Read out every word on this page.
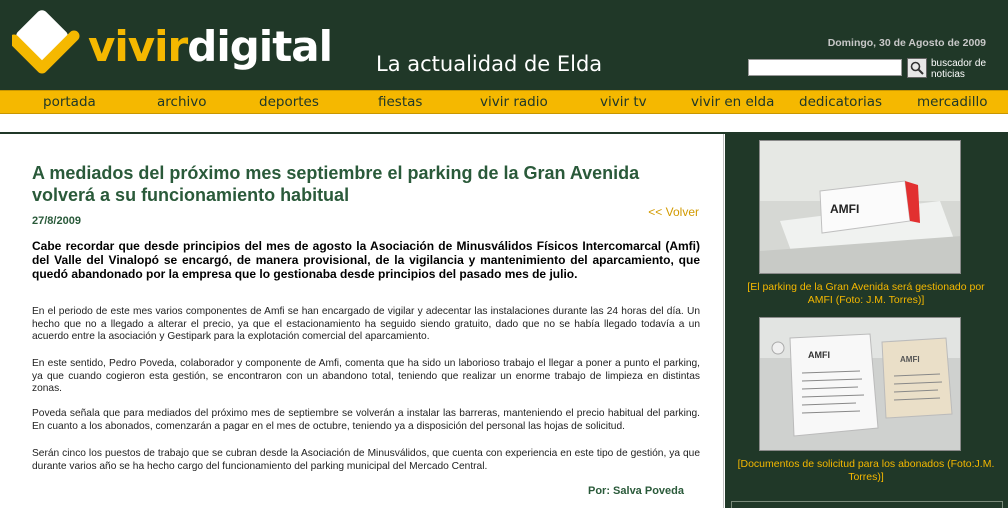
vivirdigital La actualidad de Elda
Domingo, 30 de Agosto de 2009
buscador de noticias
portada	archivo	deportes	fiestas	vivir radio	vivir tv	vivir en elda dedicatorias	mercadillo
A mediados del próximo mes septiembre el parking de la Gran Avenida volverá a su funcionamiento habitual
27/8/2009
<< Volver

Cabe recordar que desde principios del mes de agosto la Asociación de Minusválidos Físicos Intercomarcal (Amfi) del Valle del Vinalopó se encargó, de manera provisional, de la vigilancia y mantenimiento del aparcamiento, que quedó abandonado por la empresa que lo gestionaba desde principios del pasado mes de julio.

En el periodo de este mes varios componentes de Amfi se han encargado de vigilar y adecentar las instalaciones durante las 24 horas del día. Un hecho que no a llegado a alterar el precio, ya que el estacionamiento ha seguido siendo gratuito, dado que no se había llegado todavía a un acuerdo entre la asociación y Gestipark para la explotación comercial del aparcamiento.

En este sentido, Pedro Poveda, colaborador y componente de Amfi, comenta que ha sido un laborioso trabajo el llegar a poner a punto el parking, ya que cuando cogieron esta gestión, se encontraron con un abandono total, teniendo que realizar un enorme trabajo de limpieza en distintas zonas.

Poveda señala que para mediados del próximo mes de septiembre se volverán a instalar las barreras, manteniendo el precio habitual del parking. En cuanto a los abonados, comenzarán a pagar en el mes de octubre, teniendo ya a disposición del personal las hojas de solicitud.

Serán cinco los puestos de trabajo que se cubran desde la Asociación de Minusválidos, que cuenta con experiencia en este tipo de gestión, ya que durante varios año se ha hecho cargo del funcionamiento del parking municipal del Mercado Central.

Por: Salva Poveda
AMFI
[El parking de la Gran Avenida será gestionado por AMFI (Foto: J.M. Torres)]
AMFI	AMFI
[Documentos de solicitud para los abonados (Foto:J.M. Torres)]
